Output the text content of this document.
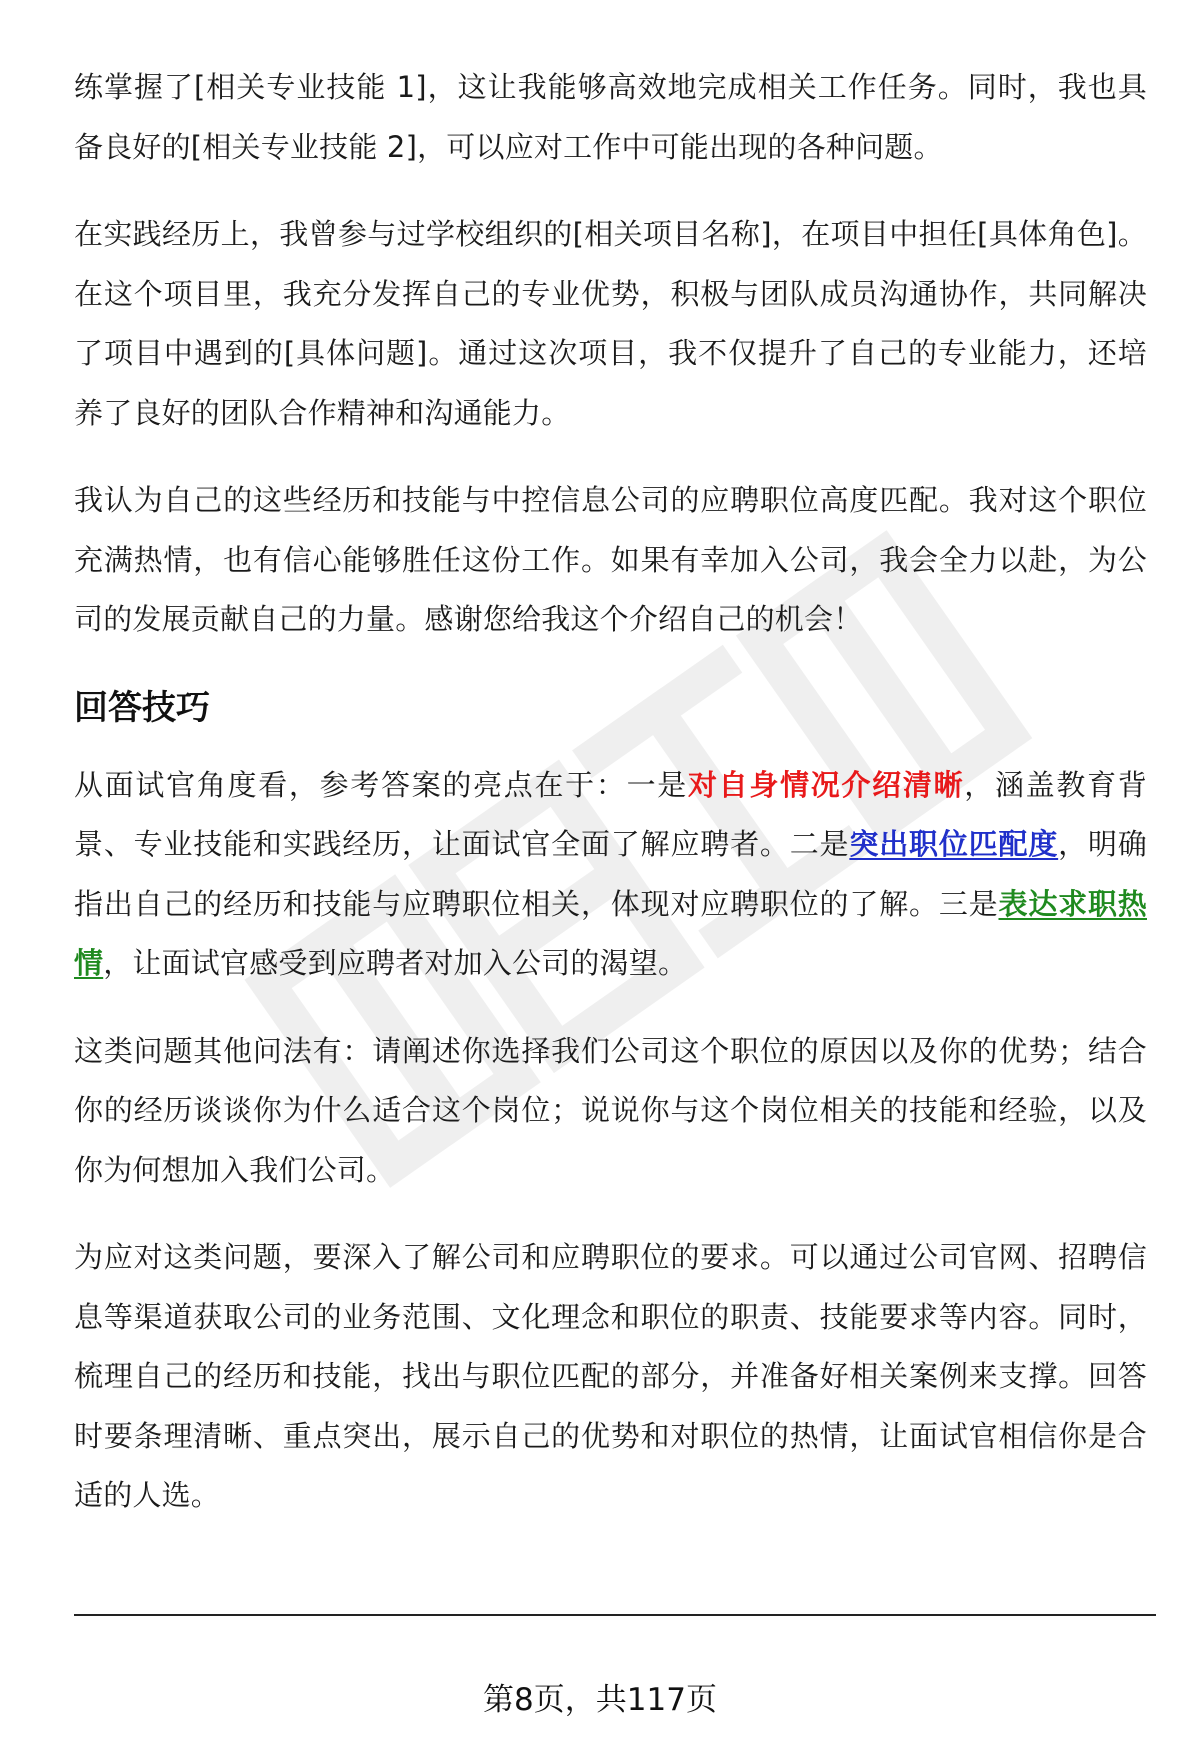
练掌握了[相关专业技能 1]，这让我能够高效地完成相关工作任务。同时，我也具备良好的[相关专业技能 2]，可以应对工作中可能出现的各种问题。

在实践经历上，我曾参与过学校组织的[相关项目名称]，在项目中担任[具体角色]。在这个项目里，我充分发挥自己的专业优势，积极与团队成员沟通协作，共同解决了项目中遇到的[具体问题]。通过这次项目，我不仅提升了自己的专业能力，还培养了良好的团队合作精神和沟通能力。

我认为自己的这些经历和技能与中控信息公司的应聘职位高度匹配。我对这个职位充满热情，也有信心能够胜任这份工作。如果有幸加入公司，我会全力以赴，为公司的发展贡献自己的力量。感谢您给我这个介绍自己的机会！

回答技巧

从面试官角度看，参考答案的亮点在于：一是对自身情况介绍清晰，涵盖教育背景、专业技能和实践经历，让面试官全面了解应聘者。二是突出职位匹配度，明确指出自己的经历和技能与应聘职位相关，体现对应聘职位的了解。三是表达求职热情，让面试官感受到应聘者对加入公司的渴望。

这类问题其他问法有：请阐述你选择我们公司这个职位的原因以及你的优势；结合你的经历谈谈你为什么适合这个岗位；说说你与这个岗位相关的技能和经验，以及你为何想加入我们公司。

为应对这类问题，要深入了解公司和应聘职位的要求。可以通过公司官网、招聘信息等渠道获取公司的业务范围、文化理念和职位的职责、技能要求等内容。同时，梳理自己的经历和技能，找出与职位匹配的部分，并准备好相关案例来支撑。回答时要条理清晰、重点突出，展示自己的优势和对职位的热情，让面试官相信你是合适的人选。

第8页，共117页
